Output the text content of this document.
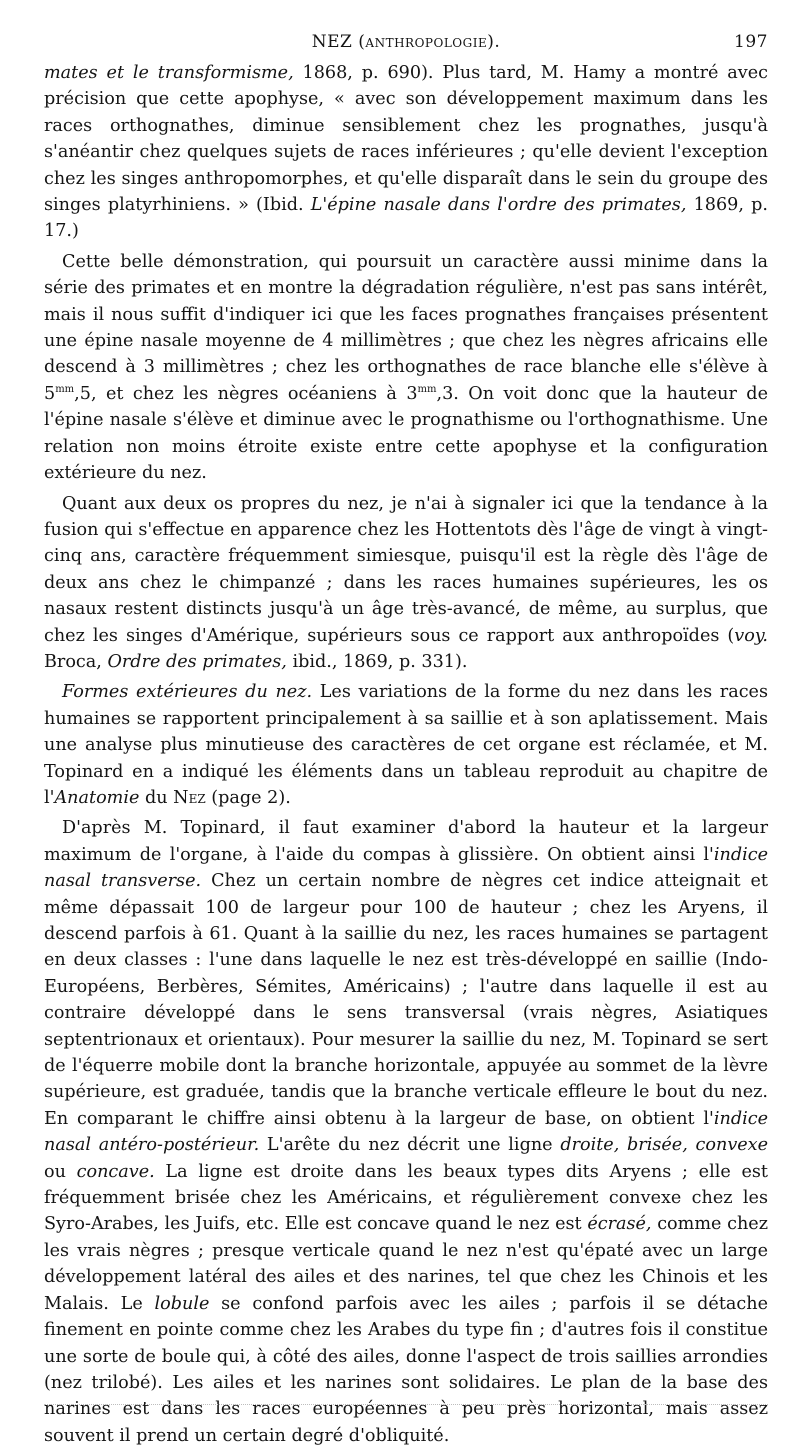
NEZ (anthropologie).	197

mates et le transformisme, 1868, p. 690). Plus tard, M. Hamy a montré avec précision que cette apophyse, « avec son développement maximum dans les races orthognathes, diminue sensiblement chez les prognathes, jusqu'à s'anéantir chez quelques sujets de races inférieures ; qu'elle devient l'exception chez les singes anthropomorphes, et qu'elle disparaît dans le sein du groupe des singes platyrhiniens. » (Ibid. L'épine nasale dans l'ordre des primates, 1869, p. 17.)

Cette belle démonstration, qui poursuit un caractère aussi minime dans la série des primates et en montre la dégradation régulière, n'est pas sans intérêt, mais il nous suffit d'indiquer ici que les faces prognathes françaises présentent une épine nasale moyenne de 4 millimètres ; que chez les nègres africains elle descend à 3 millimètres ; chez les orthognathes de race blanche elle s'élève à $5^{mm},5$, et chez les nègres océaniens à $3^{mm},3$. On voit donc que la hauteur de l'épine nasale s'élève et diminue avec le prognathisme ou l'orthognathisme. Une relation non moins étroite existe entre cette apophyse et la configuration extérieure du nez.

Quant aux deux os propres du nez, je n'ai à signaler ici que la tendance à la fusion qui s'effectue en apparence chez les Hottentots dès l'âge de vingt à vingt-cinq ans, caractère fréquemment simiesque, puisqu'il est la règle dès l'âge de deux ans chez le chimpanzé ; dans les races humaines supérieures, les os nasaux restent distincts jusqu'à un âge très-avancé, de même, au surplus, que chez les singes d'Amérique, supérieurs sous ce rapport aux anthropoïdes (voy. Broca, Ordre des primates, ibid., 1869, p. 331).

Formes extérieures du nez. Les variations de la forme du nez dans les races humaines se rapportent principalement à sa saillie et à son aplatissement. Mais une analyse plus minutieuse des caractères de cet organe est réclamée, et M. Topinard en a indiqué les éléments dans un tableau reproduit au chapitre de l'Anatomie du Nez (page 2).

D'après M. Topinard, il faut examiner d'abord la hauteur et la largeur maximum de l'organe, à l'aide du compas à glissière. On obtient ainsi l'indice nasal transverse. Chez un certain nombre de nègres cet indice atteignait et même dépassait 100 de largeur pour 100 de hauteur ; chez les Aryens, il descend parfois à 61. Quant à la saillie du nez, les races humaines se partagent en deux classes : l'une dans laquelle le nez est très-développé en saillie (Indo-Européens, Berbères, Sémites, Américains) ; l'autre dans laquelle il est au contraire développé dans le sens transversal (vrais nègres, Asiatiques septentrionaux et orientaux). Pour mesurer la saillie du nez, M. Topinard se sert de l'équerre mobile dont la branche horizontale, appuyée au sommet de la lèvre supérieure, est graduée, tandis que la branche verticale effleure le bout du nez. En comparant le chiffre ainsi obtenu à la largeur de base, on obtient l'indice nasal antéro-postérieur. L'arête du nez décrit une ligne droite, brisée, convexe ou concave. La ligne est droite dans les beaux types dits Aryens ; elle est fréquemment brisée chez les Américains, et régulièrement convexe chez les Syro-Arabes, les Juifs, etc. Elle est concave quand le nez est écrasé, comme chez les vrais nègres ; presque verticale quand le nez n'est qu'épaté avec un large développement latéral des ailes et des narines, tel que chez les Chinois et les Malais. Le lobule se confond parfois avec les ailes ; parfois il se détache finement en pointe comme chez les Arabes du type fin ; d'autres fois il constitue une sorte de boule qui, à côté des ailes, donne l'aspect de trois saillies arrondies (nez trilobé). Les ailes et les narines sont solidaires. Le plan de la base des narines est dans les races européennes à peu près horizontal, mais assez souvent il prend un certain degré d'obliquité.
